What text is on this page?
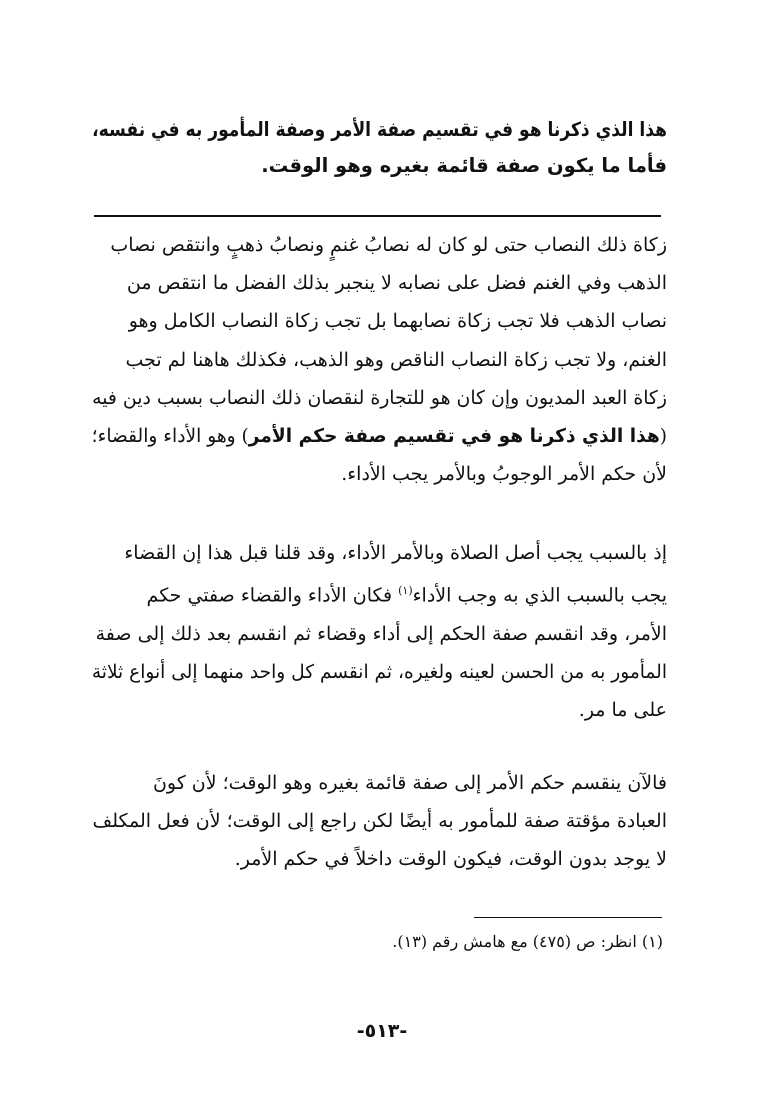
هذا الذي ذكرنا هو في تقسيم صفة الأمر وصفة المأمور به في نفسه،
فأما ما يكون صفة قائمة بغيره وهو الوقت.
زكاة ذلك النصاب حتى لو كان له نصابُ غنمٍ ونصابُ ذهبٍ وانتقص نصاب
الذهب وفي الغنم فضل على نصابه لا ينجبر بذلك الفضل ما انتقص من
نصاب الذهب فلا تجب زكاة نصابهما بل تجب زكاة النصاب الكامل وهو
الغنم، ولا تجب زكاة النصاب الناقص وهو الذهب، فكذلك هاهنا لم تجب
زكاة العبد المديون وإن كان هو للتجارة لنقصان ذلك النصاب بسبب دين فيه
(هذا الذي ذكرنا هو في تقسيم صفة حكم الأمر) وهو الأداء والقضاء؛
لأن حكم الأمر الوجوبُ وبالأمر يجب الأداء.
إذ بالسبب يجب أصل الصلاة وبالأمر الأداء، وقد قلنا قبل هذا إن القضاء
يجب بالسبب الذي به وجب الأداء$^{(١)}$ فكان الأداء والقضاء صفتي حكم
الأمر، وقد انقسم صفة الحكم إلى أداء وقضاء ثم انقسم بعد ذلك إلى صفة
المأمور به من الحسن لعينه ولغيره، ثم انقسم كل واحد منهما إلى أنواع ثلاثة
على ما مر.
فالآن ينقسم حكم الأمر إلى صفة قائمة بغيره وهو الوقت؛ لأن كونَ
العبادة مؤقتة صفة للمأمور به أيضًا لكن راجع إلى الوقت؛ لأن فعل المكلف
لا يوجد بدون الوقت، فيكون الوقت داخلاً في حكم الأمر.
(١) انظر: ص (٤٧٥) مع هامش رقم (١٣).
-٥١٣-
